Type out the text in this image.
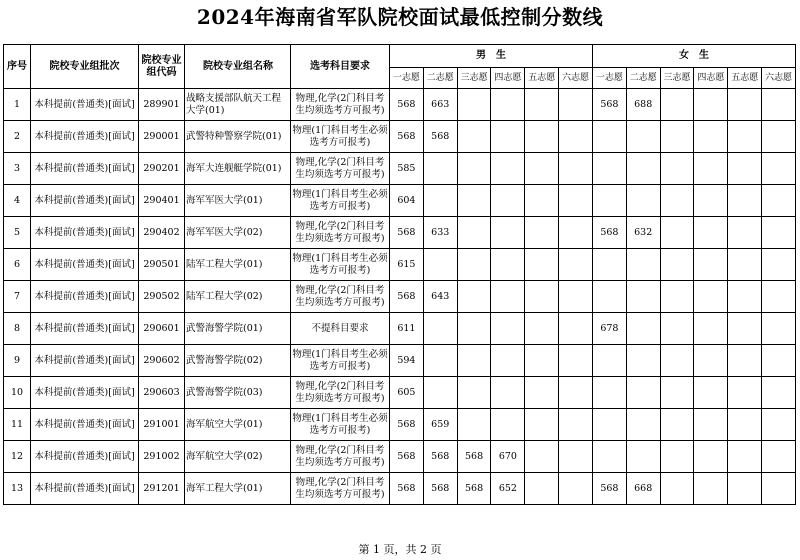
2024年海南省军队院校面试最低控制分数线
序号	院校专业组批次	院校专业组代码	院校专业组名称	选考科目要求	男　生						女　生					
					一志愿	二志愿	三志愿	四志愿	五志愿	六志愿	一志愿	二志愿	三志愿	四志愿	五志愿	六志愿
1	本科提前(普通类)[面试]	289901	战略支援部队航天工程大学(01)	物理,化学(2门科目考生均须选考方可报考)	568	663					568	688				
2	本科提前(普通类)[面试]	290001	武警特种警察学院(01)	物理(1门科目考生必须选考方可报考)	568	568										
3	本科提前(普通类)[面试]	290201	海军大连舰艇学院(01)	物理,化学(2门科目考生均须选考方可报考)	585											
4	本科提前(普通类)[面试]	290401	海军军医大学(01)	物理(1门科目考生必须选考方可报考)	604											
5	本科提前(普通类)[面试]	290402	海军军医大学(02)	物理,化学(2门科目考生均须选考方可报考)	568	633					568	632				
6	本科提前(普通类)[面试]	290501	陆军工程大学(01)	物理(1门科目考生必须选考方可报考)	615											
7	本科提前(普通类)[面试]	290502	陆军工程大学(02)	物理,化学(2门科目考生均须选考方可报考)	568	643										
8	本科提前(普通类)[面试]	290601	武警海警学院(01)	不提科目要求	611						678					
9	本科提前(普通类)[面试]	290602	武警海警学院(02)	物理(1门科目考生必须选考方可报考)	594											
10	本科提前(普通类)[面试]	290603	武警海警学院(03)	物理,化学(2门科目考生均须选考方可报考)	605											
11	本科提前(普通类)[面试]	291001	海军航空大学(01)	物理(1门科目考生必须选考方可报考)	568	659										
12	本科提前(普通类)[面试]	291002	海军航空大学(02)	物理,化学(2门科目考生均须选考方可报考)	568	568	568	670								
13	本科提前(普通类)[面试]	291201	海军工程大学(01)	物理,化学(2门科目考生均须选考方可报考)	568	568	568	652			568	668				
第 1 页，共 2 页
